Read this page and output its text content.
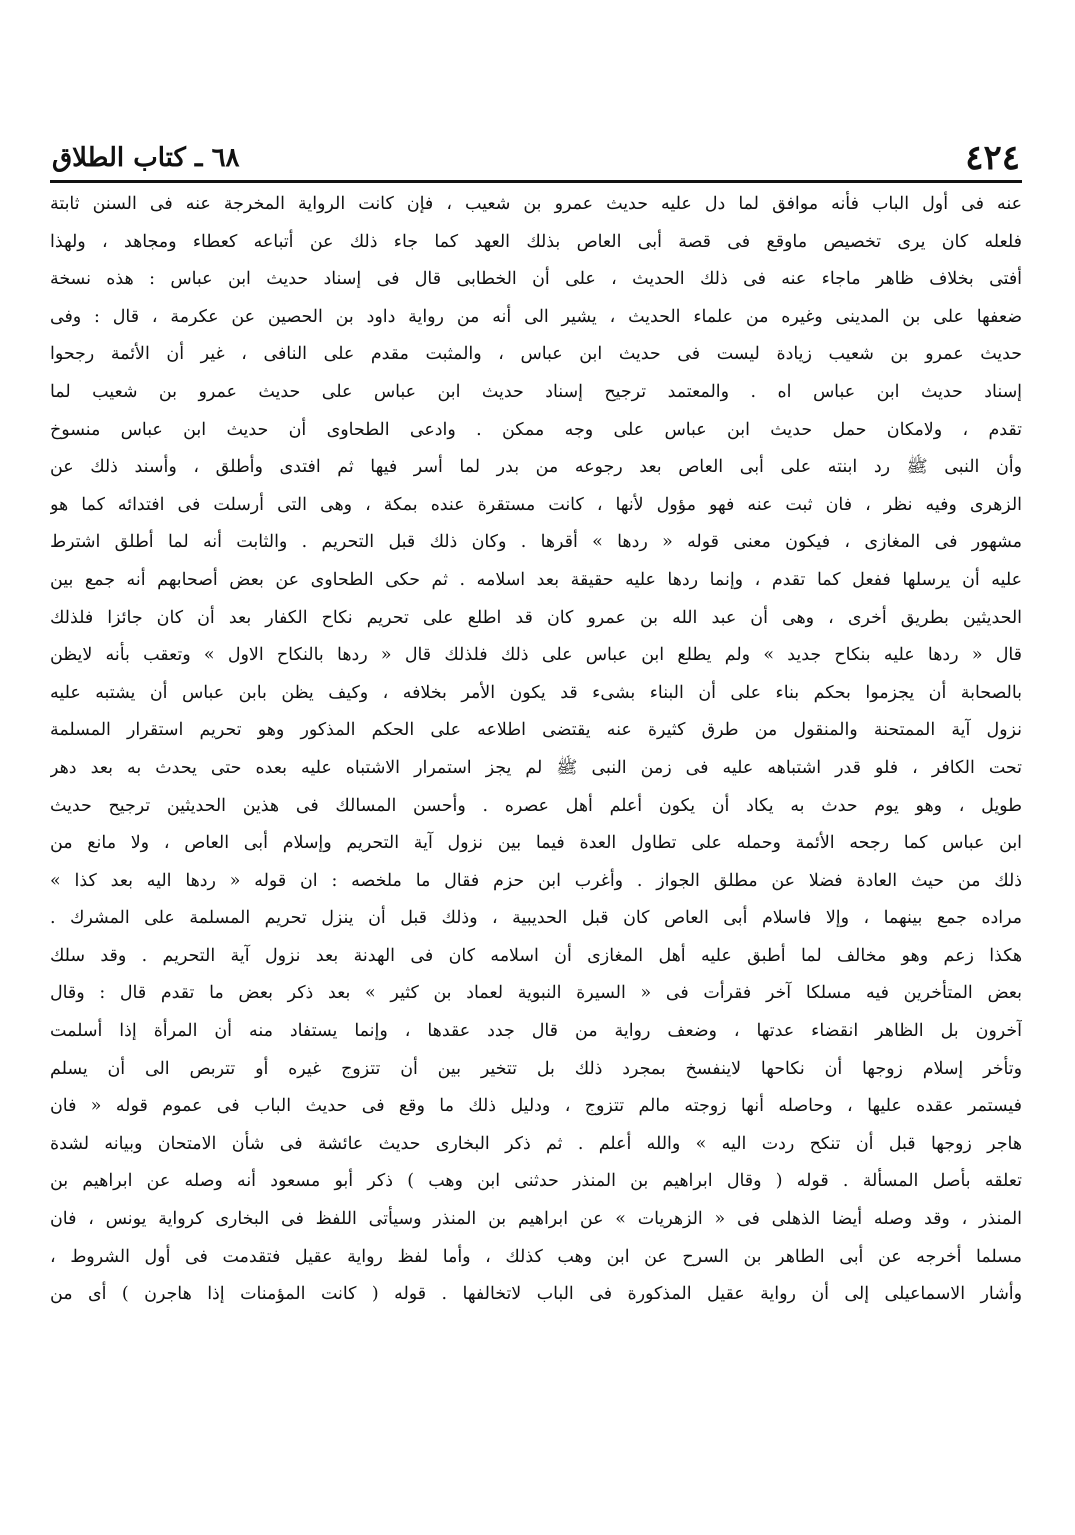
٤٢٤
٦٨ ـ كتاب الطلاق
عنه فى أول الباب فأنه موافق لما دل عليه حديث عمرو بن شعيب ، فإن كانت الرواية المخرجة عنه فى السنن ثابتة
فلعله كان يرى تخصيص ماوقع فى قصة أبى العاص بذلك العهد كما جاء ذلك عن أتباعه كعطاء ومجاهد ، ولهذا
أفتى بخلاف ظاهر ماجاء عنه فى ذلك الحديث ، على أن الخطابى قال فى إسناد حديث ابن عباس : هذه نسخة
ضعفها على بن المدينى وغيره من علماء الحديث ، يشير الى أنه من رواية داود بن الحصين عن عكرمة ، قال : وفى
حديث عمرو بن شعيب زيادة ليست فى حديث ابن عباس ، والمثبت مقدم على النافى ، غير أن الأئمة رجحوا
إسناد حديث ابن عباس اه . والمعتمد ترجيح إسناد حديث ابن عباس على حديث عمرو بن شعيب لما
تقدم ، ولامكان حمل حديث ابن عباس على وجه ممكن . وادعى الطحاوى أن حديث ابن عباس منسوخ
وأن النبى ﷺ رد ابنته على أبى العاص بعد رجوعه من بدر لما أسر فيها ثم افتدى وأطلق ، وأسند ذلك عن
الزهرى وفيه نظر ، فان ثبت عنه فهو مؤول لأنها ، كانت مستقرة عنده بمكة ، وهى التى أرسلت فى افتدائه كما هو
مشهور فى المغازى ، فيكون معنى قوله « ردها » أقرها . وكان ذلك قبل التحريم . والثابت أنه لما أطلق اشترط
عليه أن يرسلها ففعل كما تقدم ، وإنما ردها عليه حقيقة بعد اسلامه . ثم حكى الطحاوى عن بعض أصحابهم أنه جمع بين
الحديثين بطريق أخرى ، وهى أن عبد الله بن عمرو كان قد اطلع على تحريم نكاح الكفار بعد أن كان جائزا فلذلك
قال « ردها عليه بنكاح جديد » ولم يطلع ابن عباس على ذلك فلذلك قال « ردها بالنكاح الاول » وتعقب بأنه لايظن
بالصحابة أن يجزموا بحكم بناء على أن البناء بشىء قد يكون الأمر بخلافه ، وكيف يظن بابن عباس أن يشتبه عليه
نزول آية الممتحنة والمنقول من طرق كثيرة عنه يقتضى اطلاعه على الحكم المذكور وهو تحريم استقرار المسلمة
تحت الكافر ، فلو قدر اشتباهه عليه فى زمن النبى ﷺ لم يجز استمرار الاشتباه عليه بعده حتى يحدث به بعد دهر
طويل ، وهو يوم حدث به يكاد أن يكون أعلم أهل عصره . وأحسن المسالك فى هذين الحديثين ترجيح حديث
ابن عباس كما رجحه الأئمة وحمله على تطاول العدة فيما بين نزول آية التحريم وإسلام أبى العاص ، ولا مانع من
ذلك من حيث العادة فضلا عن مطلق الجواز . وأغرب ابن حزم فقال ما ملخصه : ان قوله « ردها اليه بعد كذا »
مراده جمع بينهما ، وإلا فاسلام أبى العاص كان قبل الحديبية ، وذلك قبل أن ينزل تحريم المسلمة على المشرك .
هكذا زعم وهو مخالف لما أطبق عليه أهل المغازى أن اسلامه كان فى الهدنة بعد نزول آية التحريم . وقد سلك
بعض المتأخرين فيه مسلكا آخر فقرأت فى « السيرة النبوية لعماد بن كثير » بعد ذكر بعض ما تقدم قال : وقال
آخرون بل الظاهر انقضاء عدتها ، وضعف رواية من قال جدد عقدها ، وإنما يستفاد منه أن المرأة إذا أسلمت
وتأخر إسلام زوجها أن نكاحها لاينفسخ بمجرد ذلك بل تتخير بين أن تتزوج غيره أو تتربص الى أن يسلم
فيستمر عقده عليها ، وحاصله أنها زوجته مالم تتزوج ، ودليل ذلك ما وقع فى حديث الباب فى عموم قوله « فان
هاجر زوجها قبل أن تنكح ردت اليه » والله أعلم . ثم ذكر البخارى حديث عائشة فى شأن الامتحان وبيانه لشدة
تعلقه بأصل المسألة . قوله ( وقال ابراهيم بن المنذر حدثنى ابن وهب ) ذكر أبو مسعود أنه وصله عن ابراهيم بن
المنذر ، وقد وصله أيضا الذهلى فى « الزهريات » عن ابراهيم بن المنذر وسيأتى اللفظ فى البخارى كرواية يونس ، فان
مسلما أخرجه عن أبى الطاهر بن السرح عن ابن وهب كذلك ، وأما لفظ رواية عقيل فتقدمت فى أول الشروط ،
وأشار الاسماعيلى إلى أن رواية عقيل المذكورة فى الباب لاتخالفها . قوله ( كانت المؤمنات إذا هاجرن ) أى من
